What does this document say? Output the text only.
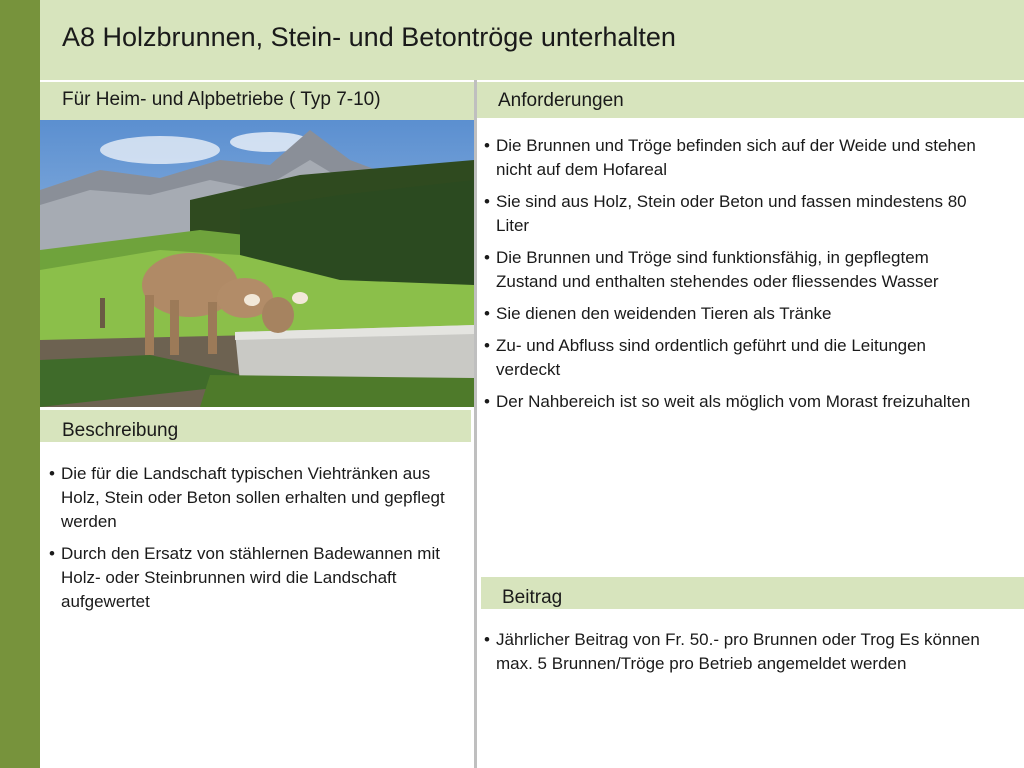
A8 Holzbrunnen, Stein- und Betontröge unterhalten
Für Heim- und Alpbetriebe ( Typ 7-10)	Anforderungen
Beschreibung
• Die für die Landschaft typischen Viehtränken aus Holz, Stein oder Beton sollen erhalten und gepflegt werden
• Durch den Ersatz von stählernen Badewannen mit Holz- oder Steinbrunnen wird die Landschaft aufgewertet
• Die Brunnen und Tröge befinden sich auf der Weide und stehen nicht auf dem Hofareal
• Sie sind aus Holz, Stein oder Beton und fassen mindestens 80 Liter
• Die Brunnen und Tröge sind funktionsfähig, in gepflegtem Zustand und enthalten stehendes oder fliessendes Wasser
• Sie dienen den weidenden Tieren als Tränke
• Zu- und Abfluss sind ordentlich geführt und die Leitungen verdeckt
• Der Nahbereich ist so weit als möglich vom Morast freizuhalten
Beitrag
• Jährlicher Beitrag von Fr. 50.- pro Brunnen oder Trog Es können max. 5 Brunnen/Tröge pro Betrieb angemeldet werden
